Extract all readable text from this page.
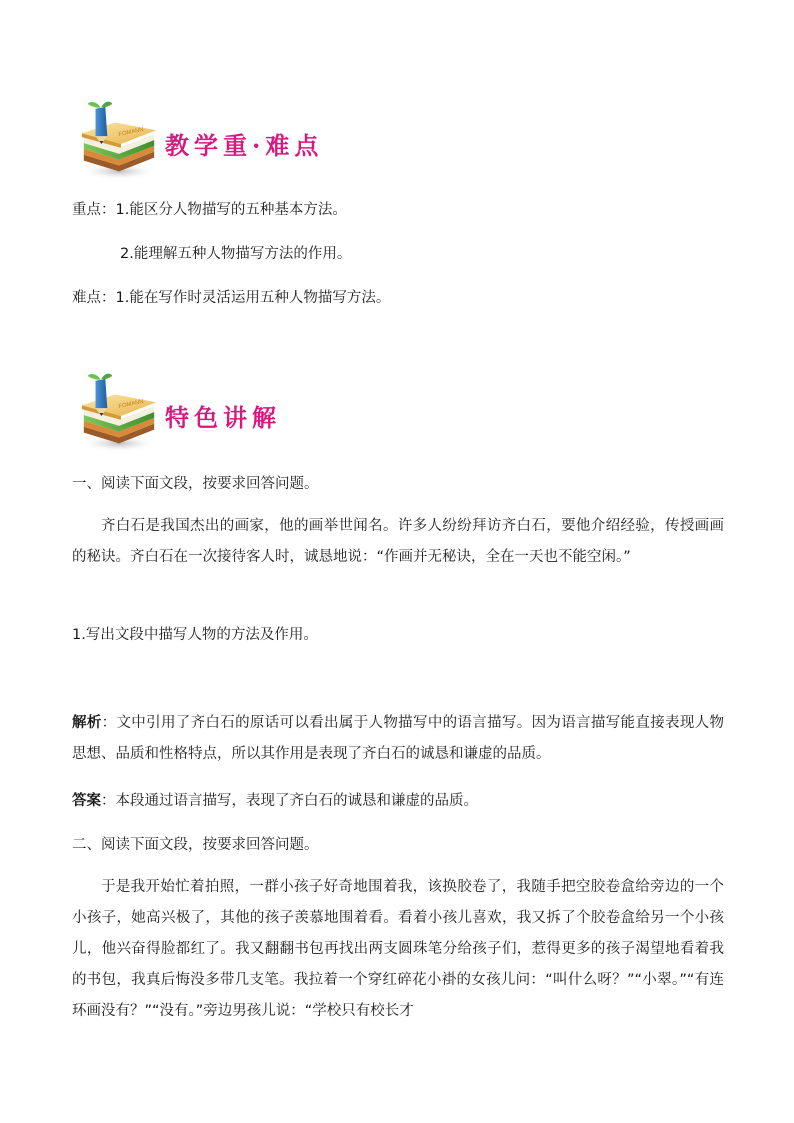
教学重·难点
重点：1.能区分人物描写的五种基本方法。
2.能理解五种人物描写方法的作用。
难点：1.能在写作时灵活运用五种人物描写方法。
特色讲解
一、阅读下面文段，按要求回答问题。
齐白石是我国杰出的画家，他的画举世闻名。许多人纷纷拜访齐白石，要他介绍经验，传授画画的秘诀。齐白石在一次接待客人时，诚恳地说：“作画并无秘诀，全在一天也不能空闲。”
1.写出文段中描写人物的方法及作用。
解析：文中引用了齐白石的原话可以看出属于人物描写中的语言描写。因为语言描写能直接表现人物思想、品质和性格特点，所以其作用是表现了齐白石的诚恳和谦虚的品质。
答案：本段通过语言描写，表现了齐白石的诚恳和谦虚的品质。
二、阅读下面文段，按要求回答问题。
于是我开始忙着拍照，一群小孩子好奇地围着我，该换胶卷了，我随手把空胶卷盒给旁边的一个小孩子，她高兴极了，其他的孩子羡慕地围着看。看着小孩儿喜欢，我又拆了个胶卷盒给另一个小孩儿，他兴奋得脸都红了。我又翻翻书包再找出两支圆珠笔分给孩子们，惹得更多的孩子渴望地看着我的书包，我真后悔没多带几支笔。我拉着一个穿红碎花小褂的女孩儿问：“叫什么呀？”“小翠。”“有连环画没有？”“没有。”旁边男孩儿说：“学校只有校长才
